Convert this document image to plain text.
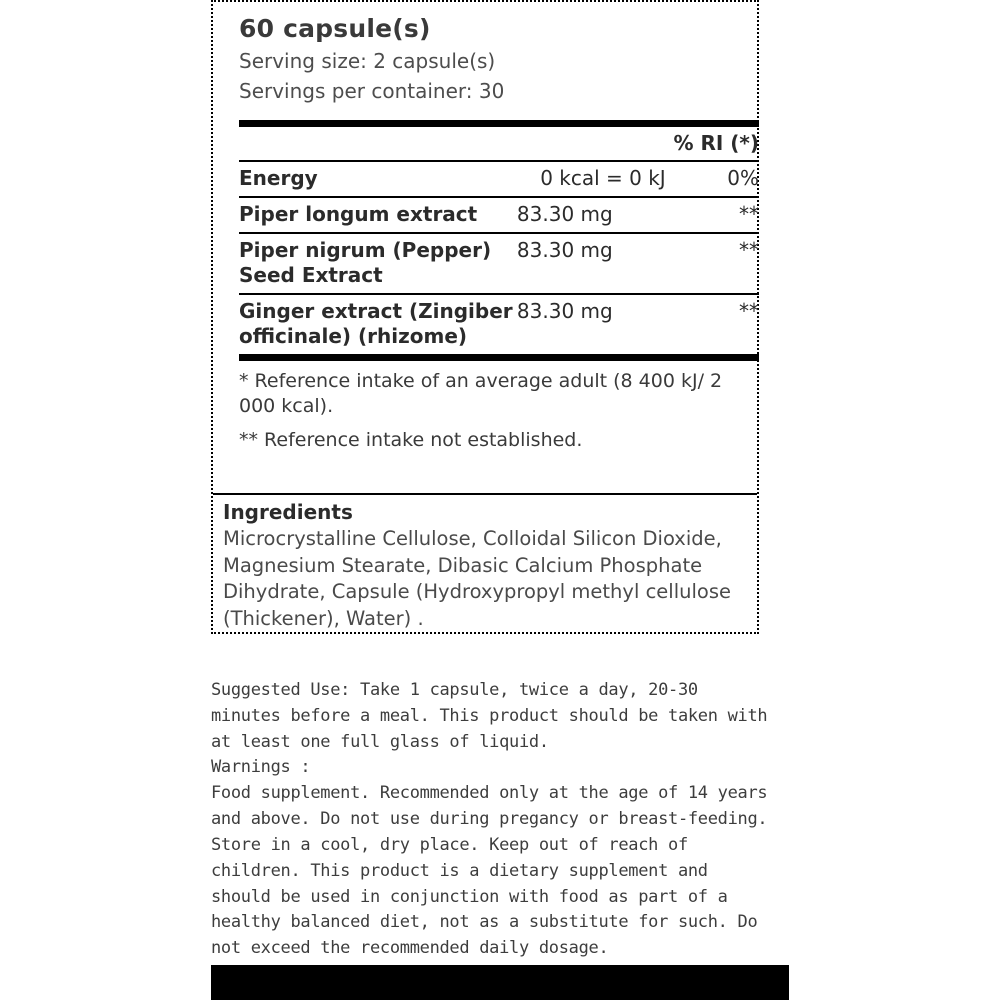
60 capsule(s)
Serving size: 2 capsule(s)
Servings per container: 30
		% RI (*)
Energy	0 kcal = 0 kJ	0%
Piper longum extract	83.30 mg	**
Piper nigrum (Pepper) Seed Extract	83.30 mg	**
Ginger extract (Zingiber officinale) (rhizome)	83.30 mg	**
* Reference intake of an average adult (8 400 kJ/ 2 000 kcal).
** Reference intake not established.
Ingredients
Microcrystalline Cellulose, Colloidal Silicon Dioxide, Magnesium Stearate, Dibasic Calcium Phosphate Dihydrate, Capsule (Hydroxypropyl methyl cellulose (Thickener), Water) .

Suggested Use: Take 1 capsule, twice a day, 20-30 minutes before a meal. This product should be taken with at least one full glass of liquid.

Warnings :

Food supplement. Recommended only at the age of 14 years and above. Do not use during pregancy or breast-feeding. Store in a cool, dry place. Keep out of reach of children. This product is a dietary supplement and should be used in conjunction with food as part of a healthy balanced diet, not as a substitute for such. Do not exceed the recommended daily dosage.
